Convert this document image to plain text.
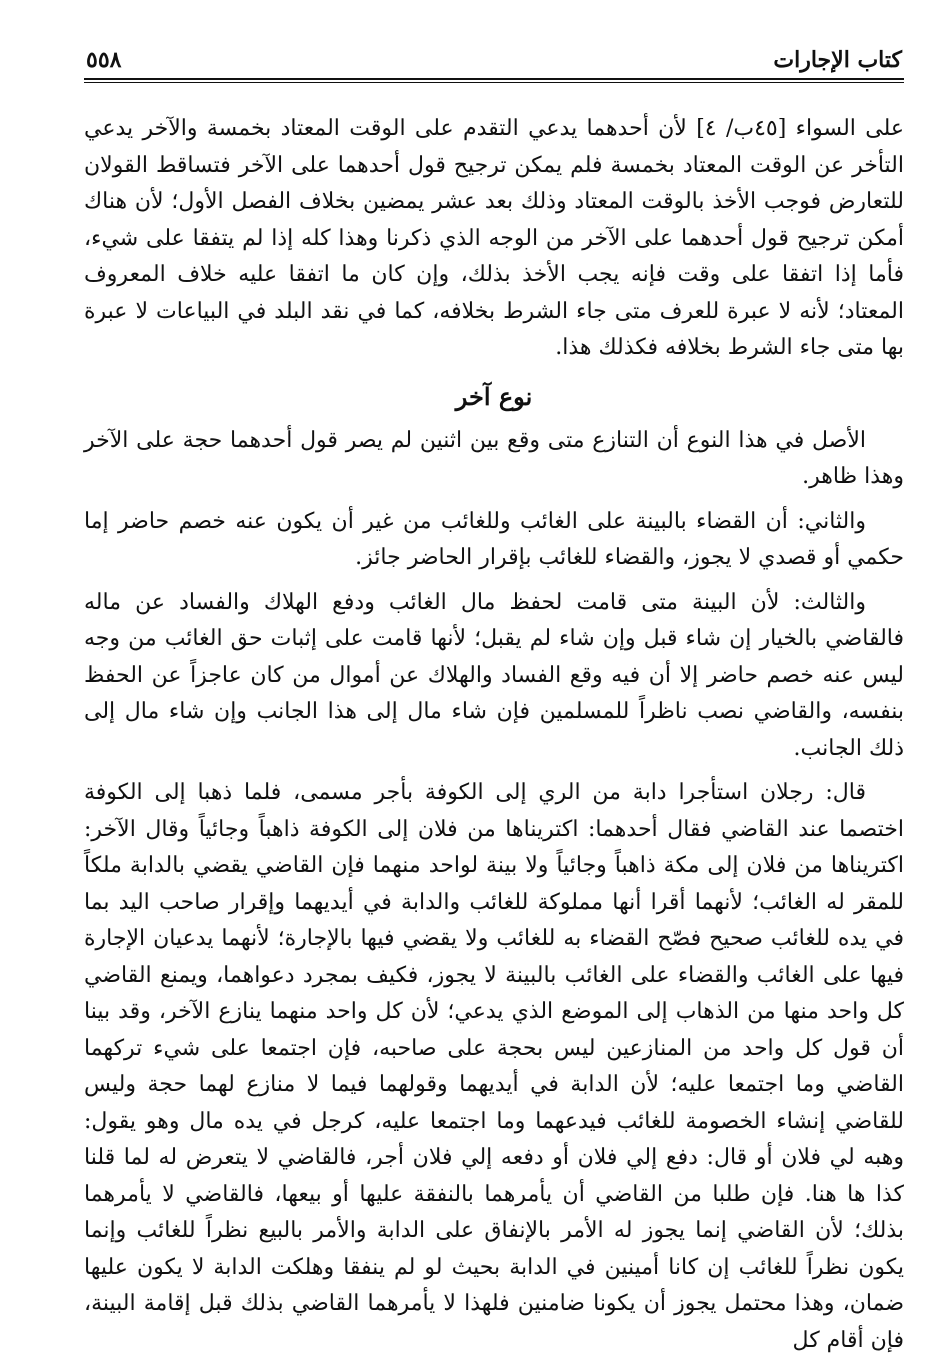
كتاب الإجارات
٥٥٨

على السواء [٤٥ب/ ٤] لأن أحدهما يدعي التقدم على الوقت المعتاد بخمسة والآخر يدعي التأخر عن الوقت المعتاد بخمسة فلم يمكن ترجيح قول أحدهما على الآخر فتساقط القولان للتعارض فوجب الأخذ بالوقت المعتاد وذلك بعد عشر يمضين بخلاف الفصل الأول؛ لأن هناك أمكن ترجيح قول أحدهما على الآخر من الوجه الذي ذكرنا وهذا كله إذا لم يتفقا على شيء، فأما إذا اتفقا على وقت فإنه يجب الأخذ بذلك، وإن كان ما اتفقا عليه خلاف المعروف المعتاد؛ لأنه لا عبرة للعرف متى جاء الشرط بخلافه، كما في نقد البلد في البياعات لا عبرة بها متى جاء الشرط بخلافه فكذلك هذا.

نوع آخر

الأصل في هذا النوع أن التنازع متى وقع بين اثنين لم يصر قول أحدهما حجة على الآخر وهذا ظاهر.

والثاني: أن القضاء بالبينة على الغائب وللغائب من غير أن يكون عنه خصم حاضر إما حكمي أو قصدي لا يجوز، والقضاء للغائب بإقرار الحاضر جائز.

والثالث: لأن البينة متى قامت لحفظ مال الغائب ودفع الهلاك والفساد عن ماله فالقاضي بالخيار إن شاء قبل وإن شاء لم يقبل؛ لأنها قامت على إثبات حق الغائب من وجه ليس عنه خصم حاضر إلا أن فيه وقع الفساد والهلاك عن أموال من كان عاجزاً عن الحفظ بنفسه، والقاضي نصب ناظراً للمسلمين فإن شاء مال إلى هذا الجانب وإن شاء مال إلى ذلك الجانب.

قال: رجلان استأجرا دابة من الري إلى الكوفة بأجر مسمى، فلما ذهبا إلى الكوفة اختصما عند القاضي فقال أحدهما: اكتريناها من فلان إلى الكوفة ذاهباً وجائياً وقال الآخر: اكتريناها من فلان إلى مكة ذاهباً وجائياً ولا بينة لواحد منهما فإن القاضي يقضي بالدابة ملكاً للمقر له الغائب؛ لأنهما أقرا أنها مملوكة للغائب والدابة في أيديهما وإقرار صاحب اليد بما في يده للغائب صحيح فصّح القضاء به للغائب ولا يقضي فيها بالإجارة؛ لأنهما يدعيان الإجارة فيها على الغائب والقضاء على الغائب بالبينة لا يجوز، فكيف بمجرد دعواهما، ويمنع القاضي كل واحد منها من الذهاب إلى الموضع الذي يدعي؛ لأن كل واحد منهما ينازع الآخر، وقد بينا أن قول كل واحد من المنازعين ليس بحجة على صاحبه، فإن اجتمعا على شيء تركهما القاضي وما اجتمعا عليه؛ لأن الدابة في أيديهما وقولهما فيما لا منازع لهما حجة وليس للقاضي إنشاء الخصومة للغائب فيدعهما وما اجتمعا عليه، كرجل في يده مال وهو يقول: وهبه لي فلان أو قال: دفع إلي فلان أو دفعه إلي فلان أجر، فالقاضي لا يتعرض له لما قلنا كذا ها هنا. فإن طلبا من القاضي أن يأمرهما بالنفقة عليها أو بيعها، فالقاضي لا يأمرهما بذلك؛ لأن القاضي إنما يجوز له الأمر بالإنفاق على الدابة والأمر بالبيع نظراً للغائب وإنما يكون نظراً للغائب إن كانا أمينين في الدابة بحيث لو لم ينفقا وهلكت الدابة لا يكون عليها ضمان، وهذا محتمل يجوز أن يكونا ضامنين فلهذا لا يأمرهما القاضي بذلك قبل إقامة البينة، فإن أقام كل
